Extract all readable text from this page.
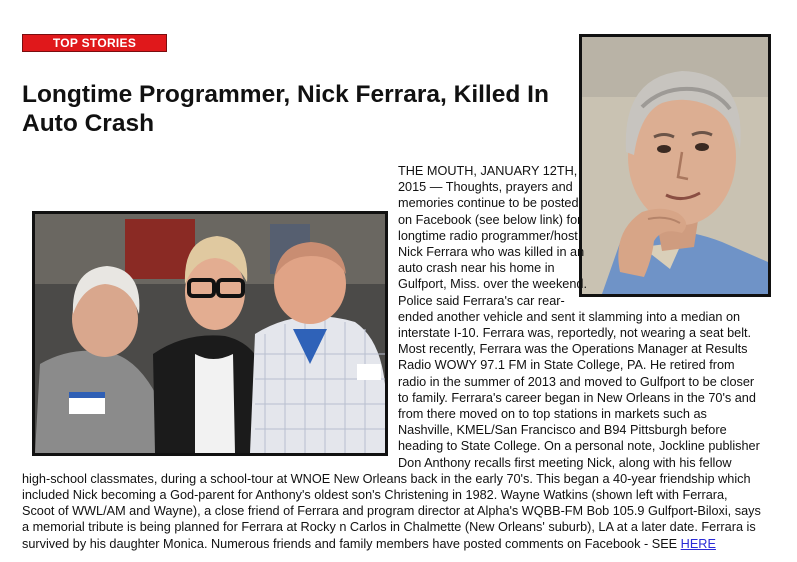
TOP STORIES
Longtime Programmer, Nick Ferrara, Killed In Auto Crash

THE MOUTH, JANUARY 12TH, 2015 — Thoughts, prayers and memories continue to be posted on Facebook (see below link) for longtime radio programmer/host Nick Ferrara who was killed in an auto crash near his home in Gulfport, Miss. over the weekend. Police said Ferrara's car rear-ended another vehicle and sent it slamming into a median on interstate I-10. Ferrara was, reportedly, not wearing a seat belt. Most recently, Ferrara was the Operations Manager at Results Radio WOWY 97.1 FM in State College, PA. He retired from radio in the summer of 2013 and moved to Gulfport to be closer to family. Ferrara's career began in New Orleans in the 70's and from there moved on to top stations in markets such as Nashville, KMEL/San Francisco and B94 Pittsburgh before heading to State College. On a personal note, Jockline publisher Don Anthony recalls first meeting Nick, along with his fellow high-school classmates, during a school-tour at WNOE New Orleans back in the early 70's. This began a 40-year friendship which included Nick becoming a God-parent for Anthony's oldest son's Christening in 1982. Wayne Watkins (shown left with Ferrara, Scoot of WWL/AM and Wayne), a close friend of Ferrara and program director at Alpha's WQBB-FM Bob 105.9 Gulfport-Biloxi, says a memorial tribute is being planned for Ferrara at Rocky n Carlos in Chalmette (New Orleans' suburb), LA at a later date. Ferrara is survived by his daughter Monica. Numerous friends and family members have posted comments on Facebook - SEE HERE
